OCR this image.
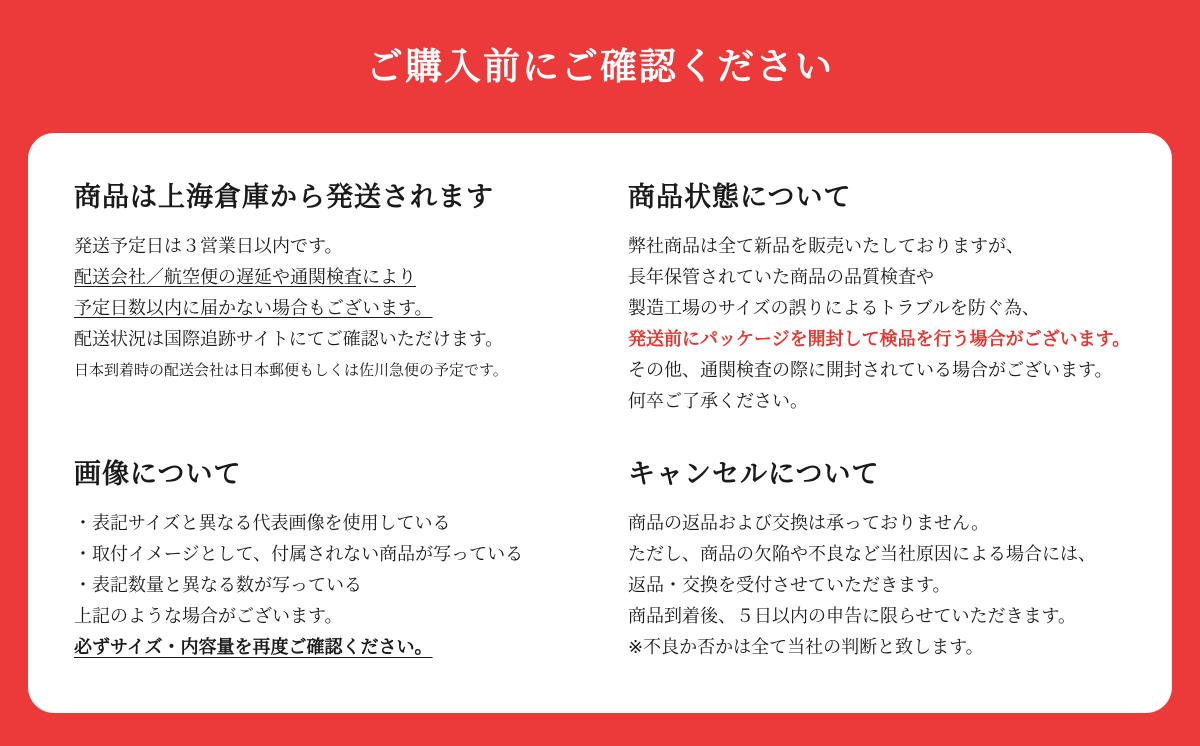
ご購入前にご確認ください
商品は上海倉庫から発送されます
発送予定日は３営業日以内です。
配送会社／航空便の遅延や通関検査により
予定日数以内に届かない場合もございます。
配送状況は国際追跡サイトにてご確認いただけます。
日本到着時の配送会社は日本郵便もしくは佐川急便の予定です。
商品状態について
弊社商品は全て新品を販売いたしておりますが、
長年保管されていた商品の品質検査や
製造工場のサイズの誤りによるトラブルを防ぐ為、
発送前にパッケージを開封して検品を行う場合がございます。
その他、通関検査の際に開封されている場合がございます。
何卒ご了承ください。
画像について
・表記サイズと異なる代表画像を使用している
・取付イメージとして、付属されない商品が写っている
・表記数量と異なる数が写っている
上記のような場合がございます。
必ずサイズ・内容量を再度ご確認ください。
キャンセルについて
商品の返品および交換は承っておりません。
ただし、商品の欠陥や不良など当社原因による場合には、
返品・交換を受付させていただきます。
商品到着後、５日以内の申告に限らせていただきます。
※不良か否かは全て当社の判断と致します。
